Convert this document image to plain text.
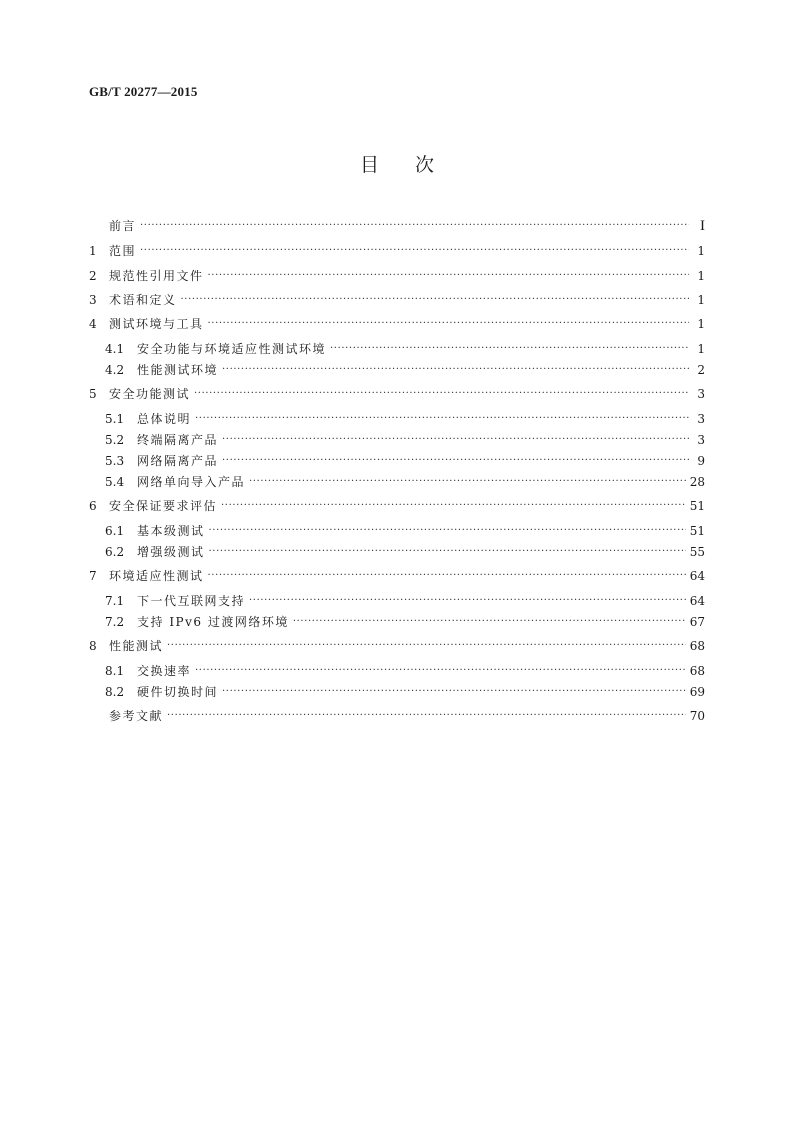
GB/T 20277—2015
目次
前言 ·····	I
1	范围 ·····	1
2	规范性引用文件 ·····	1
3	术语和定义 ·····	1
4	测试环境与工具 ·····	1
4.1	安全功能与环境适应性测试环境 ·····	1
4.2	性能测试环境 ·····	2
5	安全功能测试 ·····	3
5.1	总体说明 ·····	3
5.2	终端隔离产品 ·····	3
5.3	网络隔离产品 ·····	9
5.4	网络单向导入产品 ·····	28
6	安全保证要求评估 ·····	51
6.1	基本级测试 ·····	51
6.2	增强级测试 ·····	55
7	环境适应性测试 ·····	64
7.1	下一代互联网支持 ·····	64
7.2	支持 IPv6 过渡网络环境 ·····	67
8	性能测试 ·····	68
8.1	交换速率 ·····	68
8.2	硬件切换时间 ·····	69
参考文献 ·····	70
